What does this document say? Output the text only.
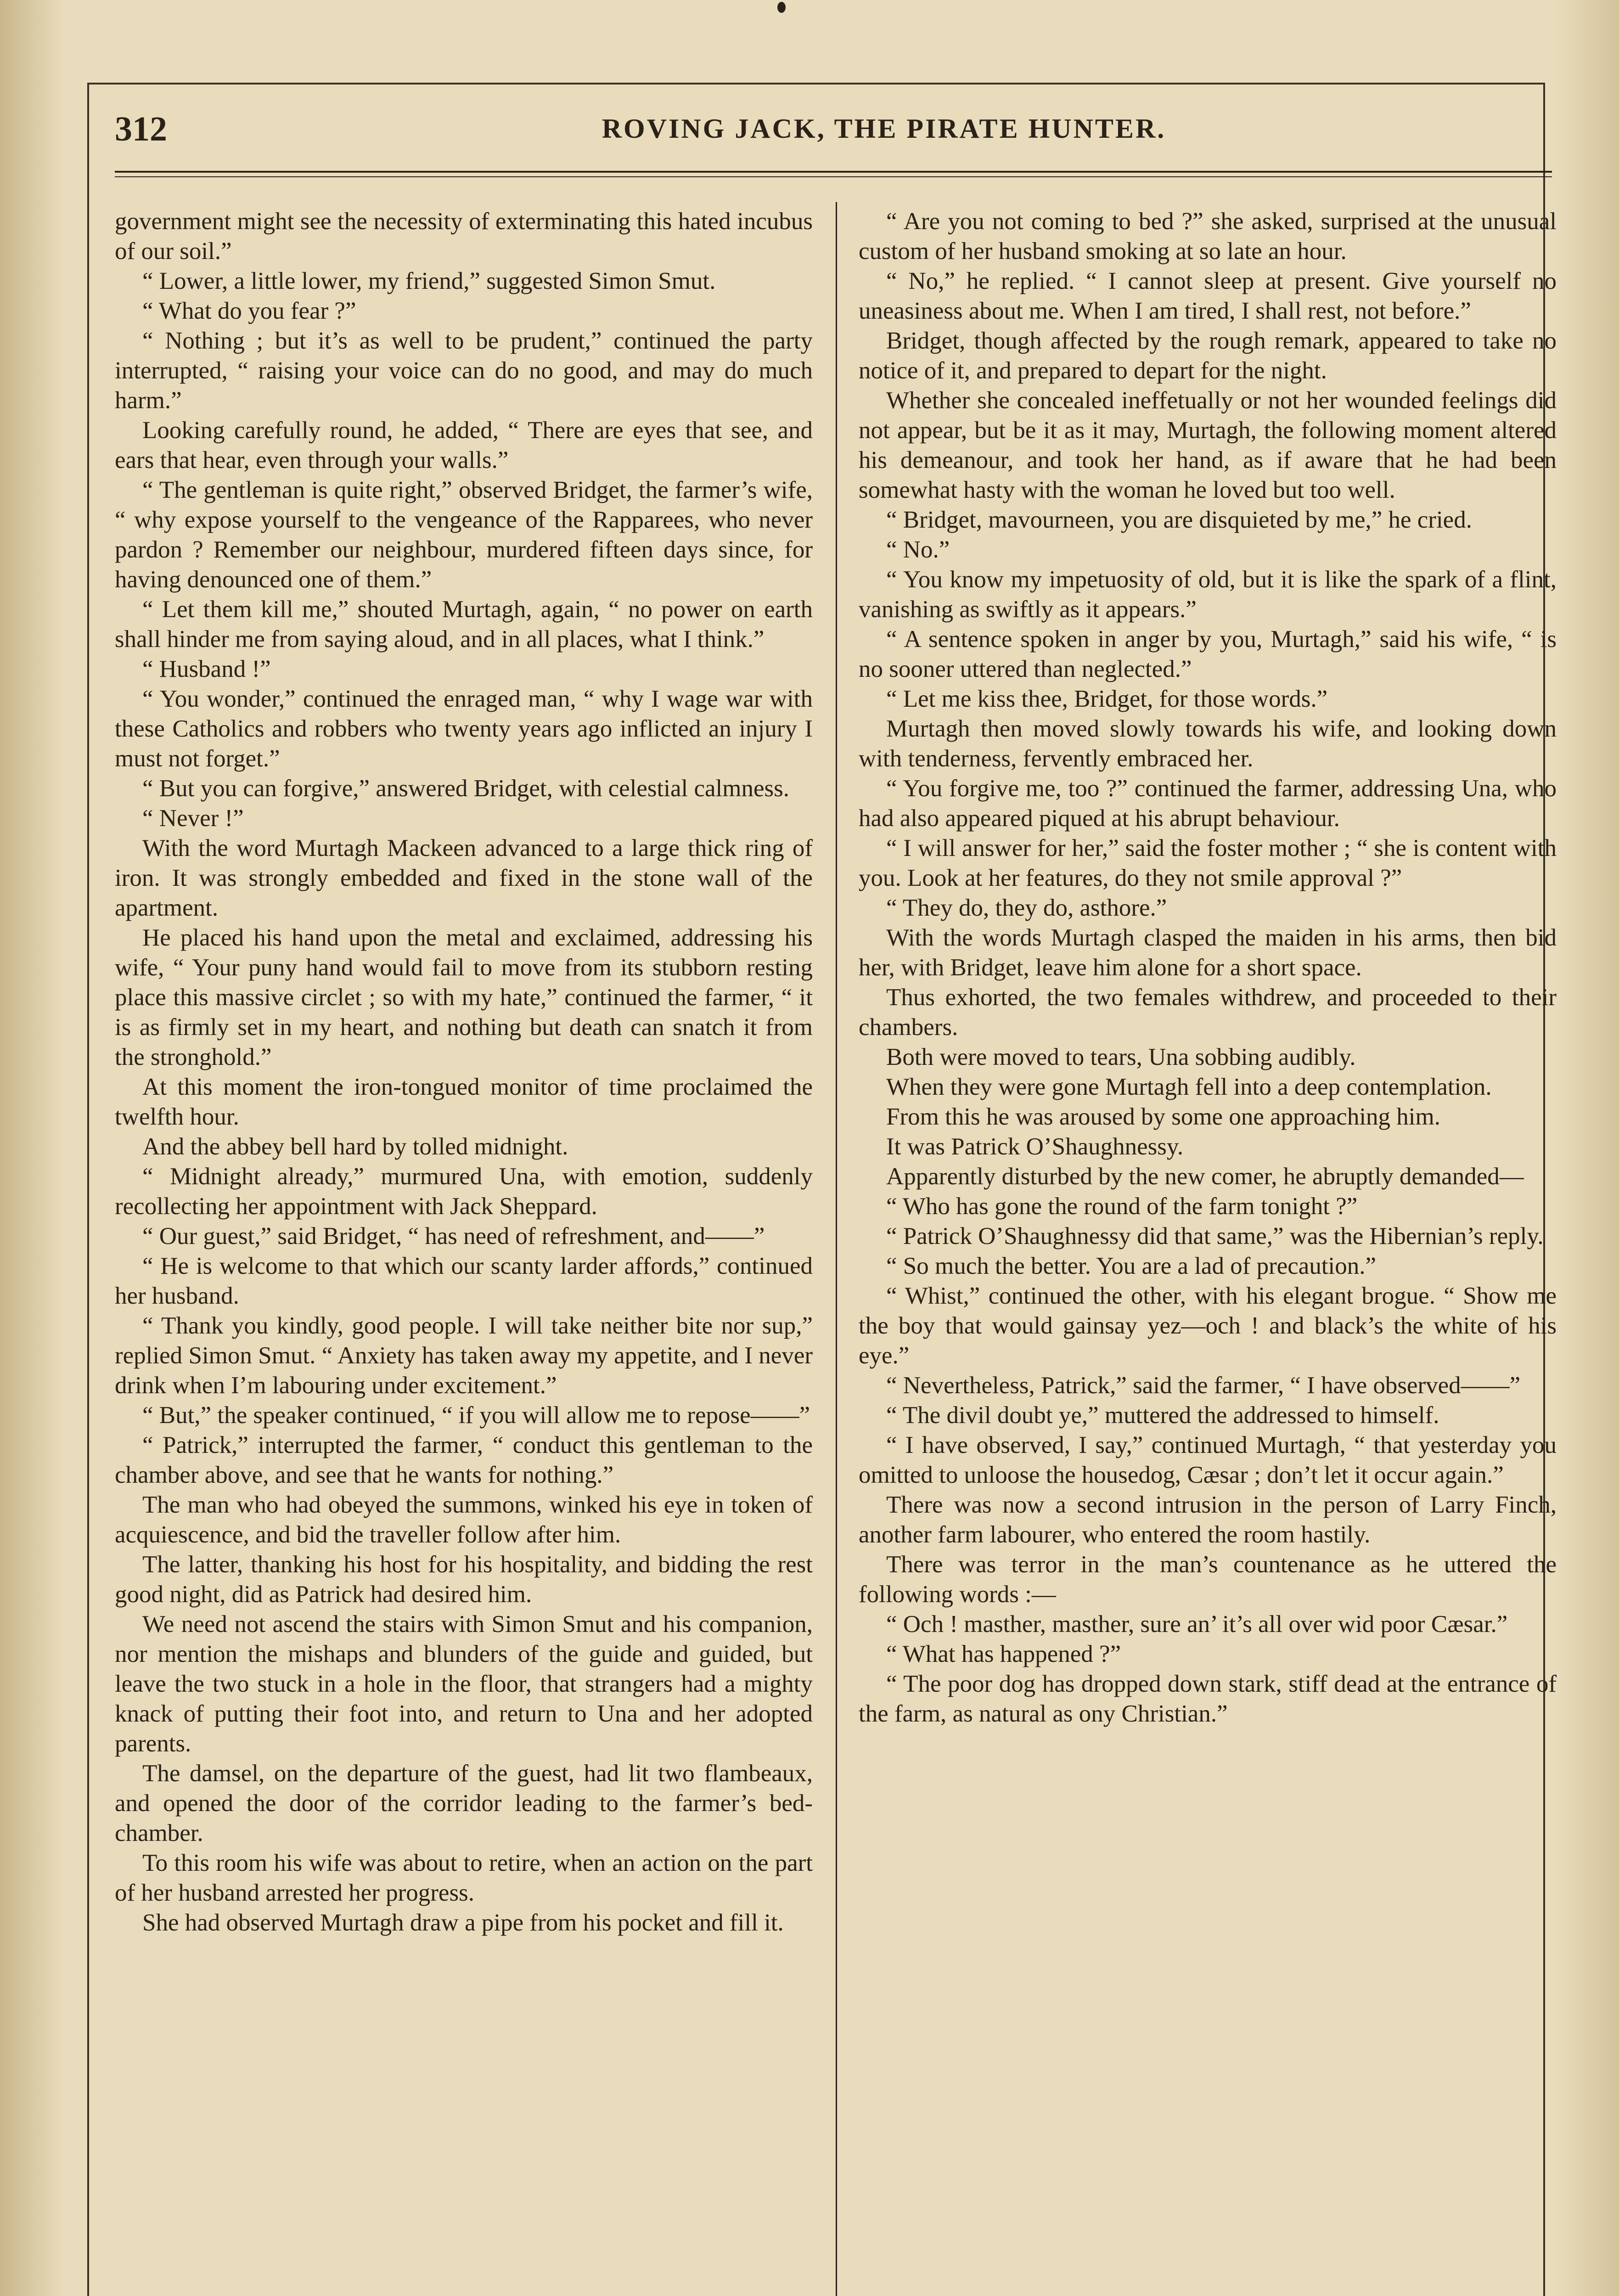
312	ROVING JACK, THE PIRATE HUNTER.

government might see the necessity of exterminating this hated incubus of our soil.”

“ Lower, a little lower, my friend,” suggested Simon Smut.

“ What do you fear ?”

“ Nothing ; but it’s as well to be prudent,” continued the party interrupted, “ raising your voice can do no good, and may do much harm.”

Looking carefully round, he added, “ There are eyes that see, and ears that hear, even through your walls.”

“ The gentleman is quite right,” observed Bridget, the farmer’s wife, “ why expose yourself to the vengeance of the Rapparees, who never pardon ? Remember our neighbour, murdered fifteen days since, for having denounced one of them.”

“ Let them kill me,” shouted Murtagh, again, “ no power on earth shall hinder me from saying aloud, and in all places, what I think.”

“ Husband !”

“ You wonder,” continued the enraged man, “ why I wage war with these Catholics and robbers who twenty years ago inflicted an injury I must not forget.”

“ But you can forgive,” answered Bridget, with celestial calmness.

“ Never !”

With the word Murtagh Mackeen advanced to a large thick ring of iron. It was strongly embedded and fixed in the stone wall of the apartment.

He placed his hand upon the metal and exclaimed, addressing his wife, “ Your puny hand would fail to move from its stubborn resting place this massive circlet ; so with my hate,” continued the farmer, “ it is as firmly set in my heart, and nothing but death can snatch it from the stronghold.”

At this moment the iron-tongued monitor of time proclaimed the twelfth hour.

And the abbey bell hard by tolled midnight.

“ Midnight already,” murmured Una, with emotion, suddenly recollecting her appointment with Jack Sheppard.

“ Our guest,” said Bridget, “ has need of refreshment, and——”

“ He is welcome to that which our scanty larder affords,” continued her husband.

“ Thank you kindly, good people. I will take neither bite nor sup,” replied Simon Smut. “ Anxiety has taken away my appetite, and I never drink when I’m labouring under excitement.”

“ But,” the speaker continued, “ if you will allow me to repose——”

“ Patrick,” interrupted the farmer, “ conduct this gentleman to the chamber above, and see that he wants for nothing.”

The man who had obeyed the summons, winked his eye in token of acquiescence, and bid the traveller follow after him.

The latter, thanking his host for his hospitality, and bidding the rest good night, did as Patrick had desired him.

We need not ascend the stairs with Simon Smut and his companion, nor mention the mishaps and blunders of the guide and guided, but leave the two stuck in a hole in the floor, that strangers had a mighty knack of putting their foot into, and return to Una and her adopted parents.

The damsel, on the departure of the guest, had lit two flambeaux, and opened the door of the corridor leading to the farmer’s bed-chamber.

To this room his wife was about to retire, when an action on the part of her husband arrested her progress.

She had observed Murtagh draw a pipe from his pocket and fill it.

“ Are you not coming to bed ?” she asked, surprised at the unusual custom of her husband smoking at so late an hour.

“ No,” he replied. “ I cannot sleep at present. Give yourself no uneasiness about me. When I am tired, I shall rest, not before.”

Bridget, though affected by the rough remark, appeared to take no notice of it, and prepared to depart for the night.

Whether she concealed ineffetually or not her wounded feelings did not appear, but be it as it may, Murtagh, the following moment altered his demeanour, and took her hand, as if aware that he had been somewhat hasty with the woman he loved but too well.

“ Bridget, mavourneen, you are disquieted by me,” he cried.

“ No.”

“ You know my impetuosity of old, but it is like the spark of a flint, vanishing as swiftly as it appears.”

“ A sentence spoken in anger by you, Murtagh,” said his wife, “ is no sooner uttered than neglected.”

“ Let me kiss thee, Bridget, for those words.”

Murtagh then moved slowly towards his wife, and looking down with tenderness, fervently embraced her.

“ You forgive me, too ?” continued the farmer, addressing Una, who had also appeared piqued at his abrupt behaviour.

“ I will answer for her,” said the foster mother ; “ she is content with you. Look at her features, do they not smile approval ?”

“ They do, they do, asthore.”

With the words Murtagh clasped the maiden in his arms, then bid her, with Bridget, leave him alone for a short space.

Thus exhorted, the two females withdrew, and proceeded to their chambers.

Both were moved to tears, Una sobbing audibly.

When they were gone Murtagh fell into a deep contemplation.

From this he was aroused by some one approaching him.

It was Patrick O’Shaughnessy.

Apparently disturbed by the new comer, he abruptly demanded—

“ Who has gone the round of the farm tonight ?”

“ Patrick O’Shaughnessy did that same,” was the Hibernian’s reply.

“ So much the better. You are a lad of precaution.”

“ Whist,” continued the other, with his elegant brogue. “ Show me the boy that would gainsay yez—och ! and black’s the white of his eye.”

“ Nevertheless, Patrick,” said the farmer, “ I have observed——”

“ The divil doubt ye,” muttered the addressed to himself.

“ I have observed, I say,” continued Murtagh, “ that yesterday you omitted to unloose the housedog, Cæsar ; don’t let it occur again.”

There was now a second intrusion in the person of Larry Finch, another farm labourer, who entered the room hastily.

There was terror in the man’s countenance as he uttered the following words :—

“ Och ! masther, masther, sure an’ it’s all over wid poor Cæsar.”

“ What has happened ?”

“ The poor dog has dropped down stark, stiff dead at the entrance of the farm, as natural as ony Christian.”
